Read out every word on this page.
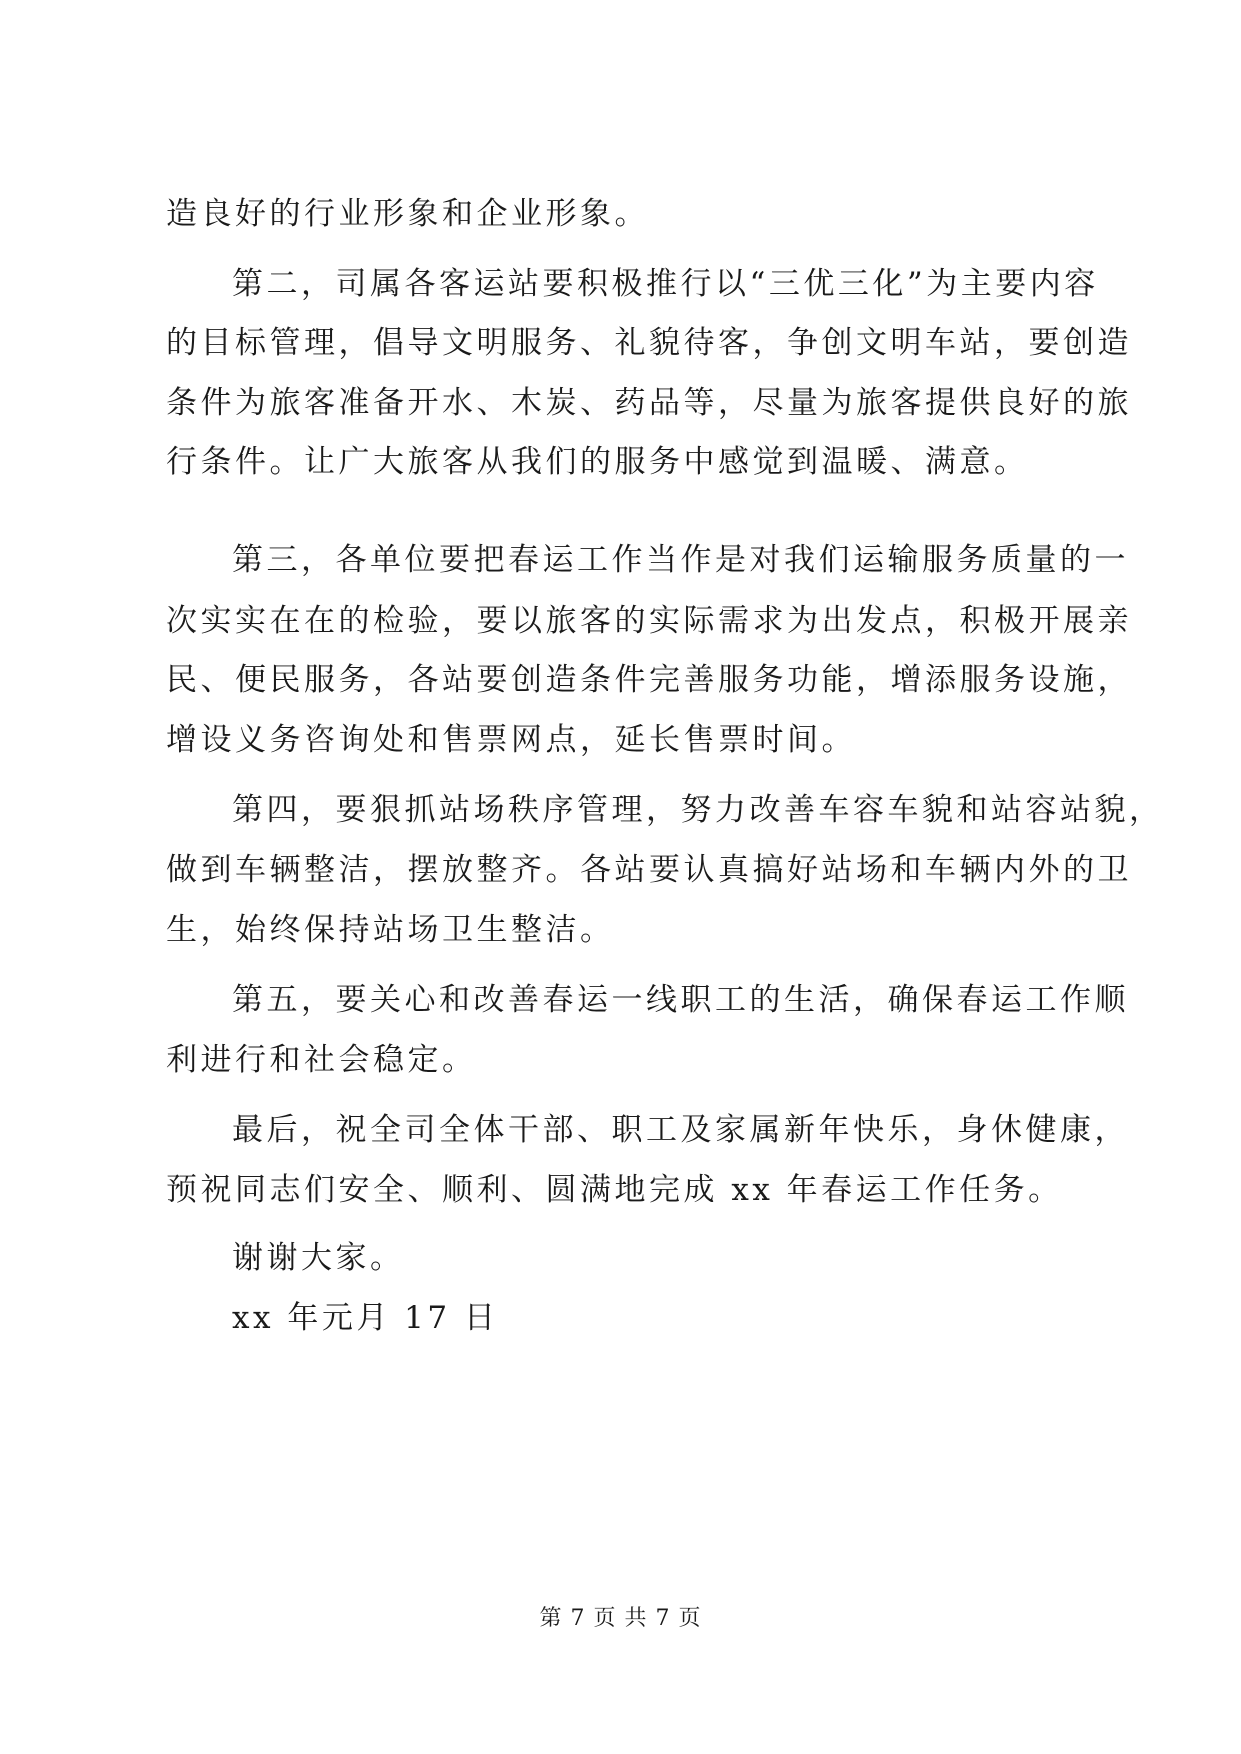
造良好的行业形象和企业形象。
第二，司属各客运站要积极推行以“三优三化”为主要内容
的目标管理，倡导文明服务、礼貌待客，争创文明车站，要创造
条件为旅客准备开水、木炭、药品等，尽量为旅客提供良好的旅
行条件。让广大旅客从我们的服务中感觉到温暖、满意。
第三，各单位要把春运工作当作是对我们运输服务质量的一
次实实在在的检验，要以旅客的实际需求为出发点，积极开展亲
民、便民服务，各站要创造条件完善服务功能，增添服务设施，
增设义务咨询处和售票网点，延长售票时间。
第四，要狠抓站场秩序管理，努力改善车容车貌和站容站貌，
做到车辆整洁，摆放整齐。各站要认真搞好站场和车辆内外的卫
生，始终保持站场卫生整洁。
第五，要关心和改善春运一线职工的生活，确保春运工作顺
利进行和社会稳定。
最后，祝全司全体干部、职工及家属新年快乐，身休健康，
预祝同志们安全、顺利、圆满地完成 xx 年春运工作任务。
谢谢大家。
xx 年元月 17 日
第 7 页 共 7 页
